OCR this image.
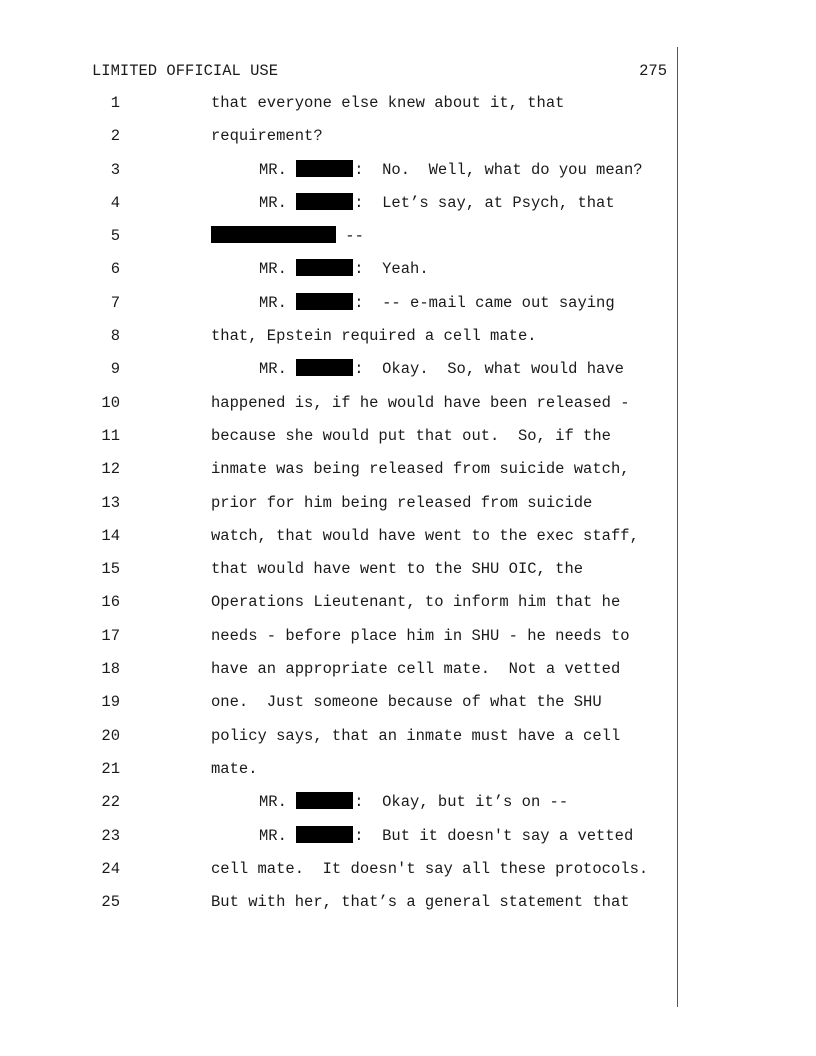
LIMITED OFFICIAL USE	275
1	that everyone else knew about it, that
2	requirement?
3	MR.	:  No.  Well, what do you mean?
4	MR.	:  Let’s say, at Psych, that
5	--
6	MR.	:  Yeah.
7	MR.	:  -- e-mail came out saying
8	that, Epstein required a cell mate.
9	MR.	:  Okay.  So, what would have
10	happened is, if he would have been released -
11	because she would put that out.  So, if the
12	inmate was being released from suicide watch,
13	prior for him being released from suicide
14	watch, that would have went to the exec staff,
15	that would have went to the SHU OIC, the
16	Operations Lieutenant, to inform him that he
17	needs - before place him in SHU - he needs to
18	have an appropriate cell mate.  Not a vetted
19	one.  Just someone because of what the SHU
20	policy says, that an inmate must have a cell
21	mate.
22	MR.	:  Okay, but it’s on --
23	MR.	:  But it doesn't say a vetted
24	cell mate.  It doesn't say all these protocols.
25	But with her, that’s a general statement that
